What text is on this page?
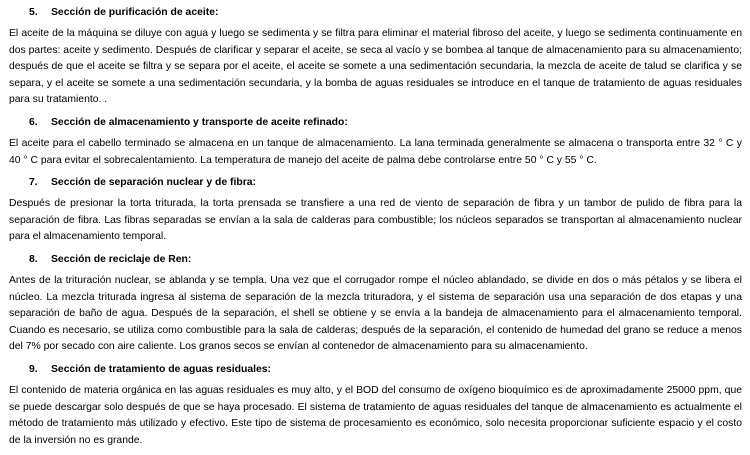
5.	Sección de purificación de aceite:

El aceite de la máquina se diluye con agua y luego se sedimenta y se filtra para eliminar el material fibroso del aceite, y luego se sedimenta continuamente en dos partes: aceite y sedimento. Después de clarificar y separar el aceite, se seca al vacío y se bombea al tanque de almacenamiento para su almacenamiento; después de que el aceite se filtra y se separa por el aceite, el aceite se somete a una sedimentación secundaria, la mezcla de aceite de talud se clarifica y se separa, y el aceite se somete a una sedimentación secundaria, y la bomba de aguas residuales se introduce en el tanque de tratamiento de aguas residuales para su tratamiento. .

6.	Sección de almacenamiento y transporte de aceite refinado:

El aceite para el cabello terminado se almacena en un tanque de almacenamiento. La lana terminada generalmente se almacena o transporta entre 32 ° C y 40 ° C para evitar el sobrecalentamiento. La temperatura de manejo del aceite de palma debe controlarse entre 50 ° C y 55 ° C.

7.	Sección de separación nuclear y de fibra:

Después de presionar la torta triturada, la torta prensada se transfiere a una red de viento de separación de fibra y un tambor de pulido de fibra para la separación de fibra. Las fibras separadas se envían a la sala de calderas para combustible; los núcleos separados se transportan al almacenamiento nuclear para el almacenamiento temporal.

8.	Sección de reciclaje de Ren:

Antes de la trituración nuclear, se ablanda y se templa. Una vez que el corrugador rompe el núcleo ablandado, se divide en dos o más pétalos y se libera el núcleo. La mezcla triturada ingresa al sistema de separación de la mezcla trituradora, y el sistema de separación usa una separación de dos etapas y una separación de baño de agua. Después de la separación, el shell se obtiene y se envía a la bandeja de almacenamiento para el almacenamiento temporal. Cuando es necesario, se utiliza como combustible para la sala de calderas; después de la separación, el contenido de humedad del grano se reduce a menos del 7% por secado con aire caliente. Los granos secos se envían al contenedor de almacenamiento para su almacenamiento.

9.	Sección de tratamiento de aguas residuales:

El contenido de materia orgánica en las aguas residuales es muy alto, y el BOD del consumo de oxígeno bioquímico es de aproximadamente 25000 ppm, que se puede descargar solo después de que se haya procesado. El sistema de tratamiento de aguas residuales del tanque de almacenamiento es actualmente el método de tratamiento más utilizado y efectivo. Este tipo de sistema de procesamiento es económico, solo necesita proporcionar suficiente espacio y el costo de la inversión no es grande.
